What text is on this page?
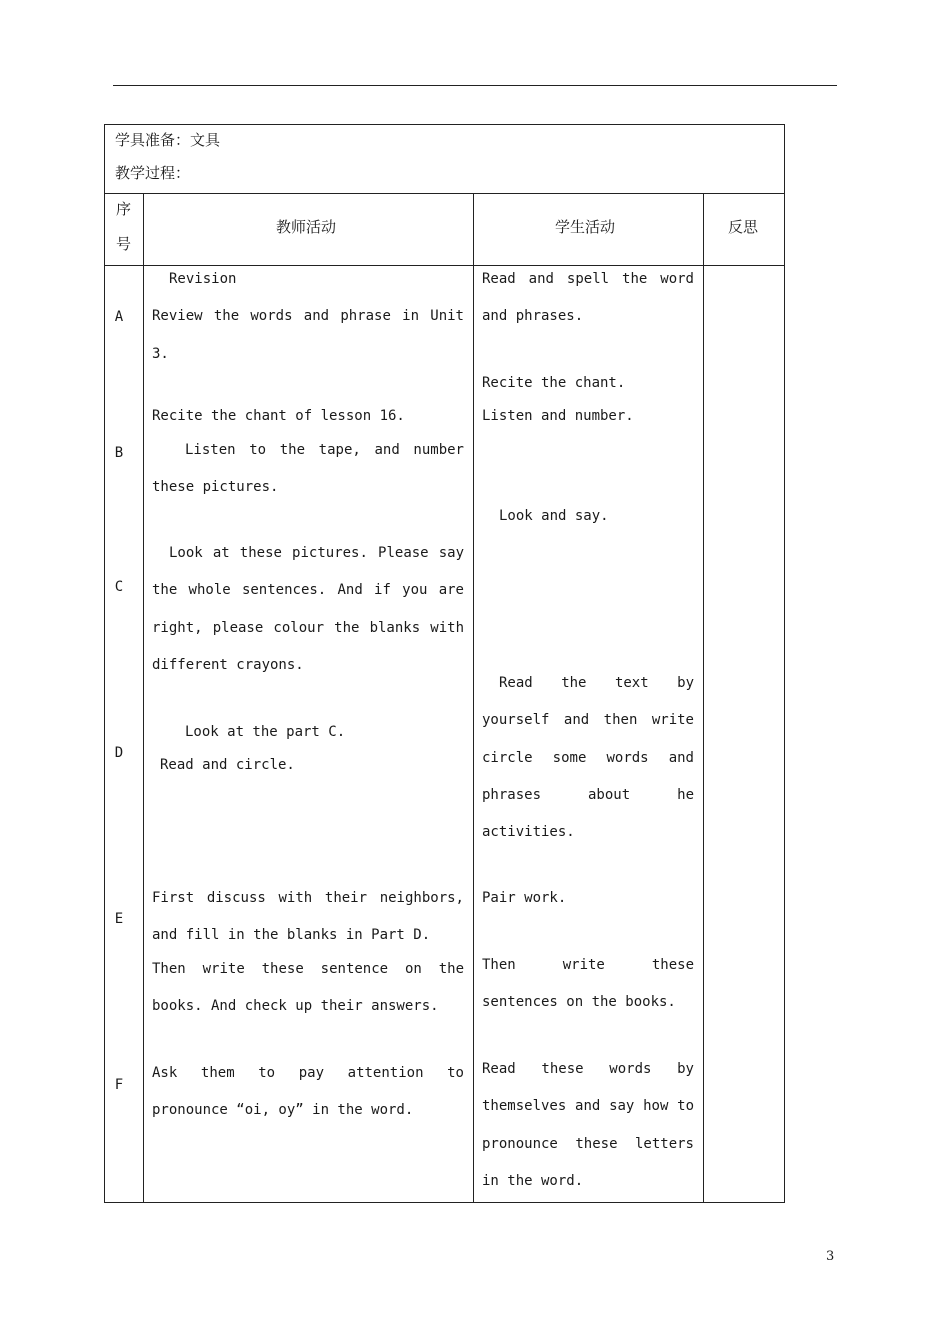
学具准备：文具
教学过程：
序
号
教师活动	学生活动	反思
A
B
C
D
E
F
Revision
Review the words and phrase in Unit
3.
Recite the chant of lesson 16.
Listen to the tape, and number
these pictures.
Look at these pictures. Please say
the whole sentences. And if you are
right, please colour the blanks with
different crayons.
Look at the part C.
Read and circle.
First discuss with their neighbors,
and fill in the blanks in Part D.
Then write these sentence on the
books. And check up their answers.
Ask them to pay attention to
pronounce “oi, oy” in the word.
Read and spell the word
and phrases.
Recite the chant.
Listen and number.
Look and say.
Read the text by
yourself and then write
circle some words and
phrases about he
activities.
Pair work.
Then write these
sentences on the books.
Read these words by
themselves and say how to
pronounce these letters
in the word.
3
